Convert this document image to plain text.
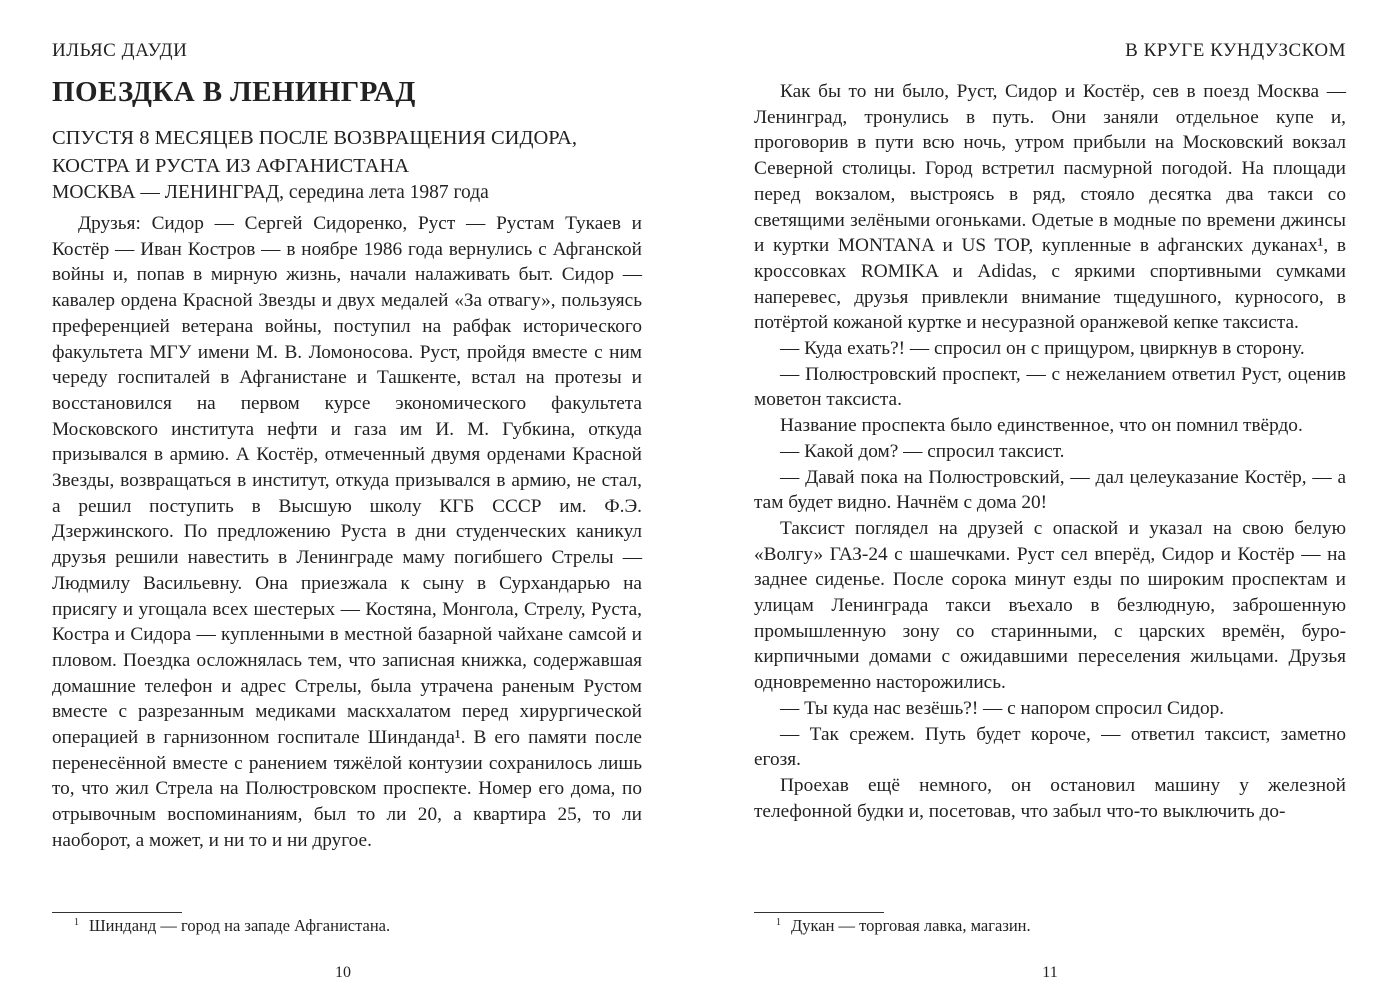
ИЛЬЯС ДАУДИ
ПОЕЗДКА В ЛЕНИНГРАД

СПУСТЯ 8 МЕСЯЦЕВ ПОСЛЕ ВОЗВРАЩЕНИЯ СИДОРА, КОСТРА И РУСТА ИЗ АФГАНИСТАНА

МОСКВА — ЛЕНИНГРАД, середина лета 1987 года

Друзья: Сидор — Сергей Сидоренко, Руст — Рустам Тукаев и Костёр — Иван Костров — в ноябре 1986 года вернулись с Афганской войны и, попав в мирную жизнь, начали налаживать быт. Сидор — кавалер ордена Красной Звезды и двух медалей «За отвагу», пользуясь преференцией ветерана войны, поступил на рабфак исторического факультета МГУ имени М. В. Ломоносова. Руст, пройдя вместе с ним череду госпиталей в Афганистане и Ташкенте, встал на протезы и восстановился на первом курсе экономического факультета Московского института нефти и газа им И. М. Губкина, откуда призывался в армию. А Костёр, отмеченный двумя орденами Красной Звезды, возвращаться в институт, откуда призывался в армию, не стал, а решил поступить в Высшую школу КГБ СССР им. Ф.Э. Дзержинского. По предложению Руста в дни студенческих каникул друзья решили навестить в Ленинграде маму погибшего Стрелы — Людмилу Васильевну. Она приезжала к сыну в Сурхандарью на присягу и угощала всех шестерых — Костяна, Монгола, Стрелу, Руста, Костра и Сидора — купленными в местной базарной чайхане самсой и пловом. Поездка осложнялась тем, что записная книжка, содержавшая домашние телефон и адрес Стрелы, была утрачена раненым Рустом вместе с разрезанным медиками маскхалатом перед хирургической операцией в гарнизонном госпитале Шинданда¹. В его памяти после перенесённой вместе с ранением тяжёлой контузии сохранилось лишь то, что жил Стрела на Полюстровском проспекте. Номер его дома, по отрывочным воспоминаниям, был то ли 20, а квартира 25, то ли наоборот, а может, и ни то и ни другое.

$^1$ Шинданд — город на западе Афганистана.
10
В КРУГЕ КУНДУЗСКОМ

Как бы то ни было, Руст, Сидор и Костёр, сев в поезд Москва — Ленинград, тронулись в путь. Они заняли отдельное купе и, проговорив в пути всю ночь, утром прибыли на Московский вокзал Северной столицы. Город встретил пасмурной погодой. На площади перед вокзалом, выстроясь в ряд, стояло десятка два такси со светящими зелёными огоньками. Одетые в модные по времени джинсы и куртки MONTANA и US TOP, купленные в афганских дуканах¹, в кроссовках ROMIKA и Adidas, с яркими спортивными сумками наперевес, друзья привлекли внимание тщедушного, курносого, в потёртой кожаной куртке и несуразной оранжевой кепке таксиста.

— Куда ехать?! — спросил он с прищуром, цвиркнув в сторону.

— Полюстровский проспект, — с нежеланием ответил Руст, оценив моветон таксиста.

Название проспекта было единственное, что он помнил твёрдо.

— Какой дом? — спросил таксист.

— Давай пока на Полюстровский, — дал целеуказание Костёр, — а там будет видно. Начнём с дома 20!

Таксист поглядел на друзей с опаской и указал на свою белую «Волгу» ГАЗ-24 с шашечками. Руст сел вперёд, Сидор и Костёр — на заднее сиденье. После сорока минут езды по широким проспектам и улицам Ленинграда такси въехало в безлюдную, заброшенную промышленную зону со старинными, с царских времён, буро-кирпичными домами с ожидавшими переселения жильцами. Друзья одновременно насторожились.

— Ты куда нас везёшь?! — с напором спросил Сидор.

— Так срежем. Путь будет короче, — ответил таксист, заметно егозя.

Проехав ещё немного, он остановил машину у железной телефонной будки и, посетовав, что забыл что-то выключить до-

$^1$ Дукан — торговая лавка, магазин.
11
